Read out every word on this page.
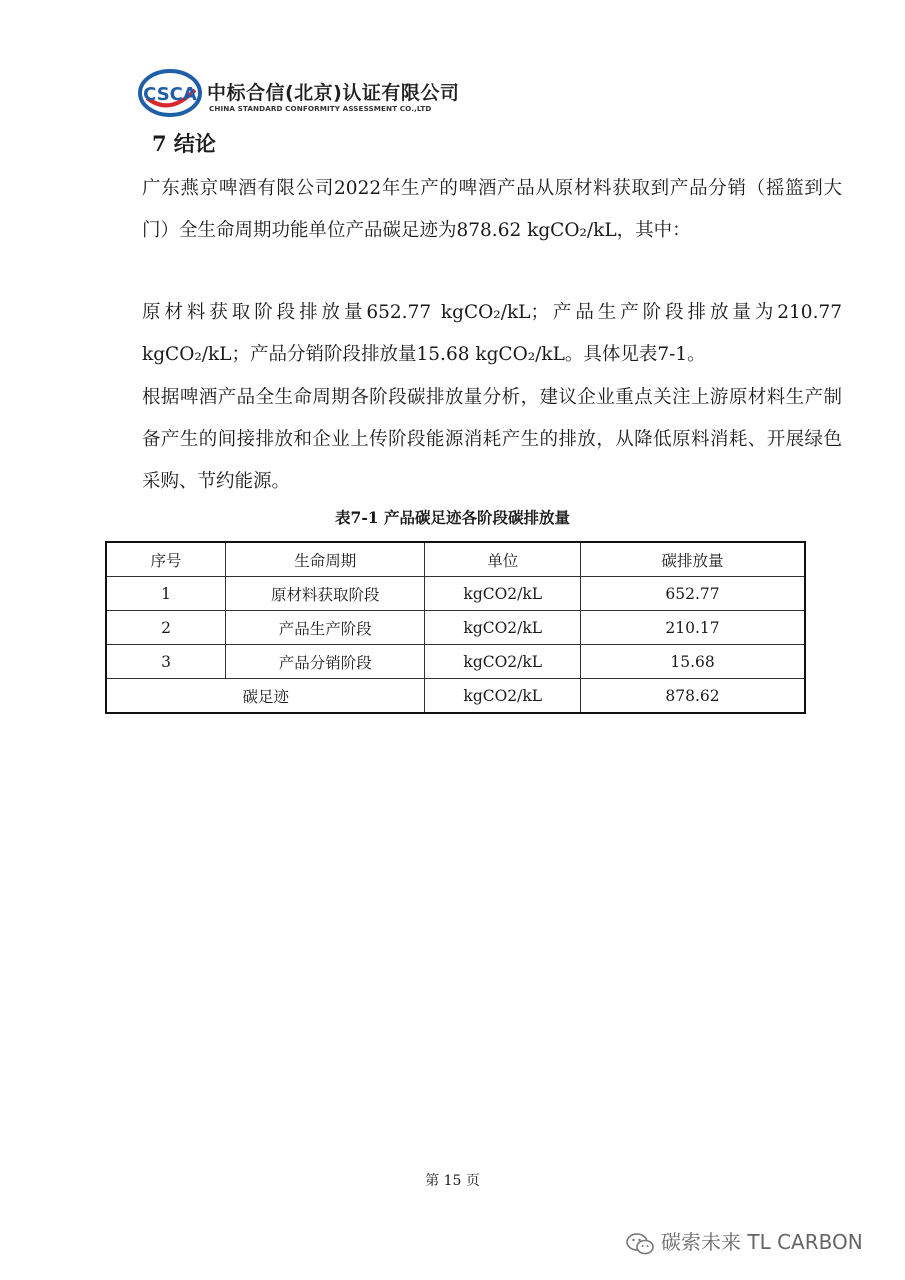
CSCA 中标合信(北京)认证有限公司
CHINA STANDARD CONFORMITY ASSESSMENT CO.,LTD
7 结论
广东燕京啤酒有限公司2022年生产的啤酒产品从原材料获取到产品分销（摇篮到大门）全生命周期功能单位产品碳足迹为878.62 kgCO₂/kL，其中：
原材料获取阶段排放量652.77 kgCO₂/kL；产品生产阶段排放量为210.77 kgCO₂/kL；产品分销阶段排放量15.68 kgCO₂/kL。具体见表7-1。
根据啤酒产品全生命周期各阶段碳排放量分析，建议企业重点关注上游原材料生产制备产生的间接排放和企业上传阶段能源消耗产生的排放，从降低原料消耗、开展绿色采购、节约能源。
表7-1 产品碳足迹各阶段碳排放量
序号	生命周期	单位	碳排放量
1	原材料获取阶段	kgCO2/kL	652.77
2	产品生产阶段	kgCO2/kL	210.17
3	产品分销阶段	kgCO2/kL	15.68
碳足迹		kgCO2/kL	878.62
第 15 页
碳索未来 TL CARBON
